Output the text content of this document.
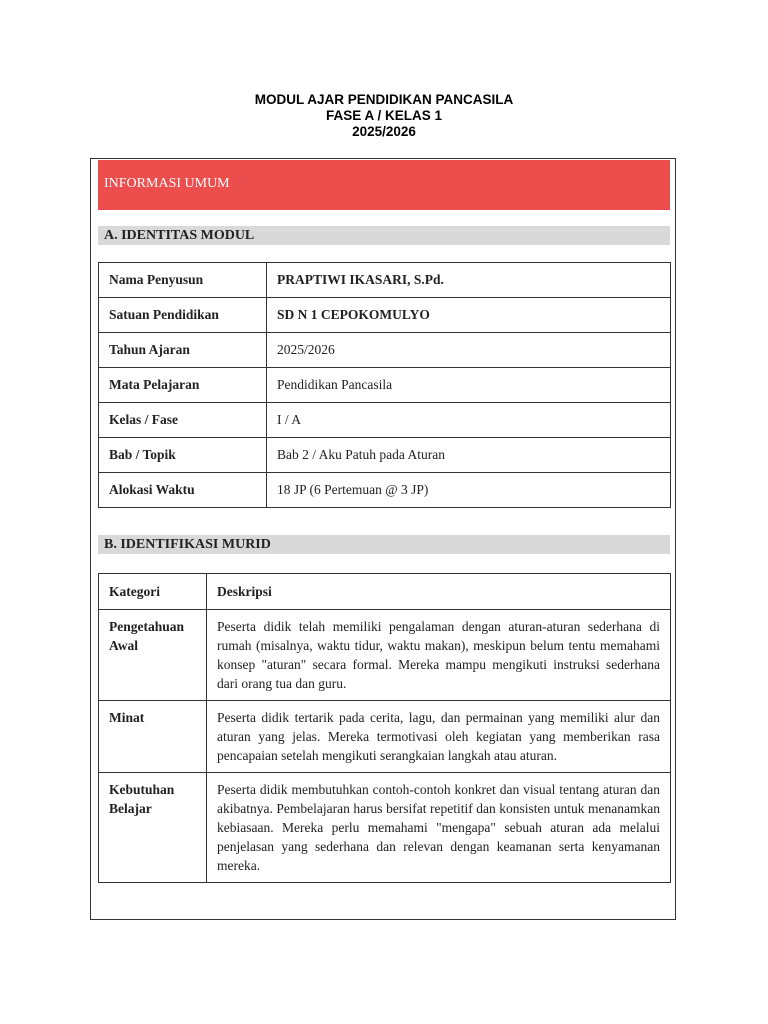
MODUL AJAR PENDIDIKAN PANCASILA
FASE A / KELAS 1
2025/2026
INFORMASI UMUM
A. IDENTITAS MODUL
Nama Penyusun	PRAPTIWI IKASARI, S.Pd.
Satuan Pendidikan	SD N 1 CEPOKOMULYO
Tahun Ajaran	2025/2026
Mata Pelajaran	Pendidikan Pancasila
Kelas / Fase	I / A
Bab / Topik	Bab 2 / Aku Patuh pada Aturan
Alokasi Waktu	18 JP (6 Pertemuan @ 3 JP)
B. IDENTIFIKASI MURID
Kategori	Deskripsi
Pengetahuan Awal	Peserta didik telah memiliki pengalaman dengan aturan-aturan sederhana di rumah (misalnya, waktu tidur, waktu makan), meskipun belum tentu memahami konsep "aturan" secara formal. Mereka mampu mengikuti instruksi sederhana dari orang tua dan guru.
Minat	Peserta didik tertarik pada cerita, lagu, dan permainan yang memiliki alur dan aturan yang jelas. Mereka termotivasi oleh kegiatan yang memberikan rasa pencapaian setelah mengikuti serangkaian langkah atau aturan.
Kebutuhan Belajar	Peserta didik membutuhkan contoh-contoh konkret dan visual tentang aturan dan akibatnya. Pembelajaran harus bersifat repetitif dan konsisten untuk menanamkan kebiasaan. Mereka perlu memahami "mengapa" sebuah aturan ada melalui penjelasan yang sederhana dan relevan dengan keamanan serta kenyamanan mereka.
